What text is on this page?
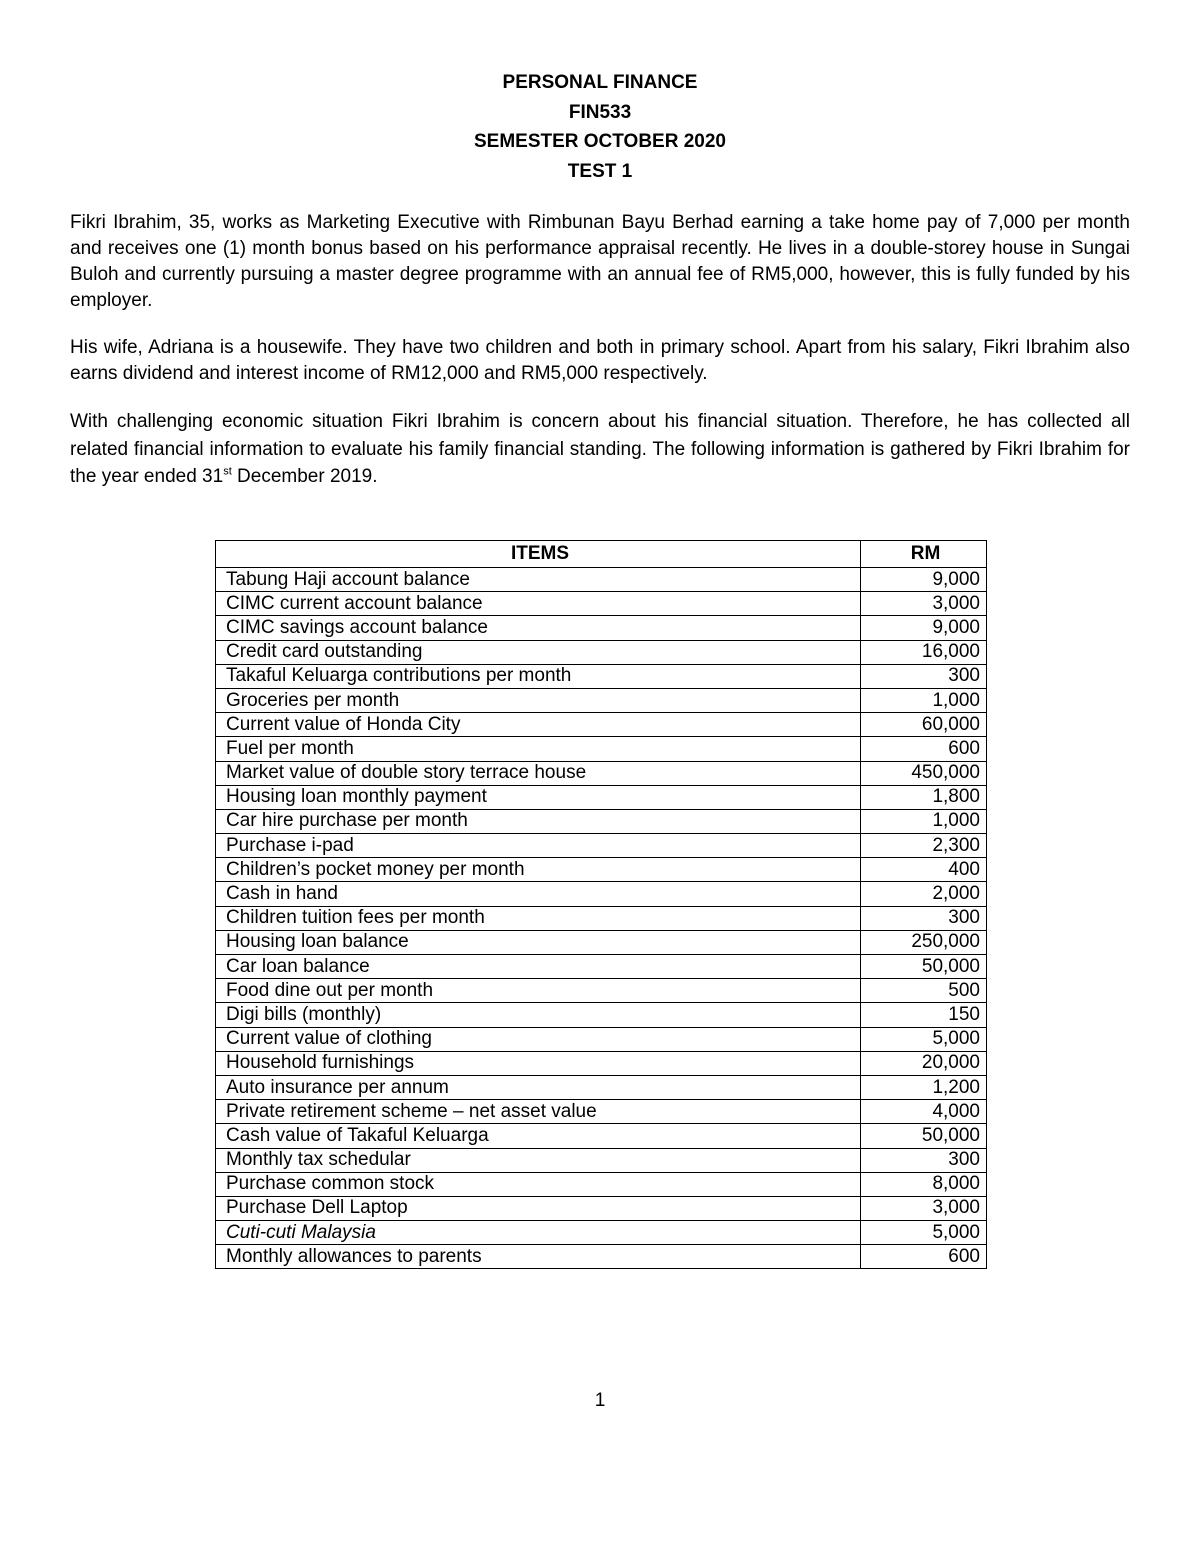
PERSONAL FINANCE
FIN533
SEMESTER OCTOBER 2020
TEST 1

Fikri Ibrahim, 35, works as Marketing Executive with Rimbunan Bayu Berhad earning a take home pay of 7,000 per month and receives one (1) month bonus based on his performance appraisal recently. He lives in a double-storey house in Sungai Buloh and currently pursuing a master degree programme with an annual fee of RM5,000, however, this is fully funded by his employer.

His wife, Adriana is a housewife. They have two children and both in primary school. Apart from his salary, Fikri Ibrahim also earns dividend and interest income of RM12,000 and RM5,000 respectively.

With challenging economic situation Fikri Ibrahim is concern about his financial situation. Therefore, he has collected all related financial information to evaluate his family financial standing. The following information is gathered by Fikri Ibrahim for the year ended 31st December 2019.

ITEMS	RM
Tabung Haji account balance	9,000
CIMC current account balance	3,000
CIMC savings account balance	9,000
Credit card outstanding	16,000
Takaful Keluarga contributions per month	300
Groceries per month	1,000
Current value of Honda City	60,000
Fuel per month	600
Market value of double story terrace house	450,000
Housing loan monthly payment	1,800
Car hire purchase per month	1,000
Purchase i-pad	2,300
Children’s pocket money per month	400
Cash in hand	2,000
Children tuition fees per month	300
Housing loan balance	250,000
Car loan balance	50,000
Food dine out per month	500
Digi bills (monthly)	150
Current value of clothing	5,000
Household furnishings	20,000
Auto insurance per annum	1,200
Private retirement scheme – net asset value	4,000
Cash value of Takaful Keluarga	50,000
Monthly tax schedular	300
Purchase common stock	8,000
Purchase Dell Laptop	3,000
Cuti-cuti Malaysia	5,000
Monthly allowances to parents	600
1
